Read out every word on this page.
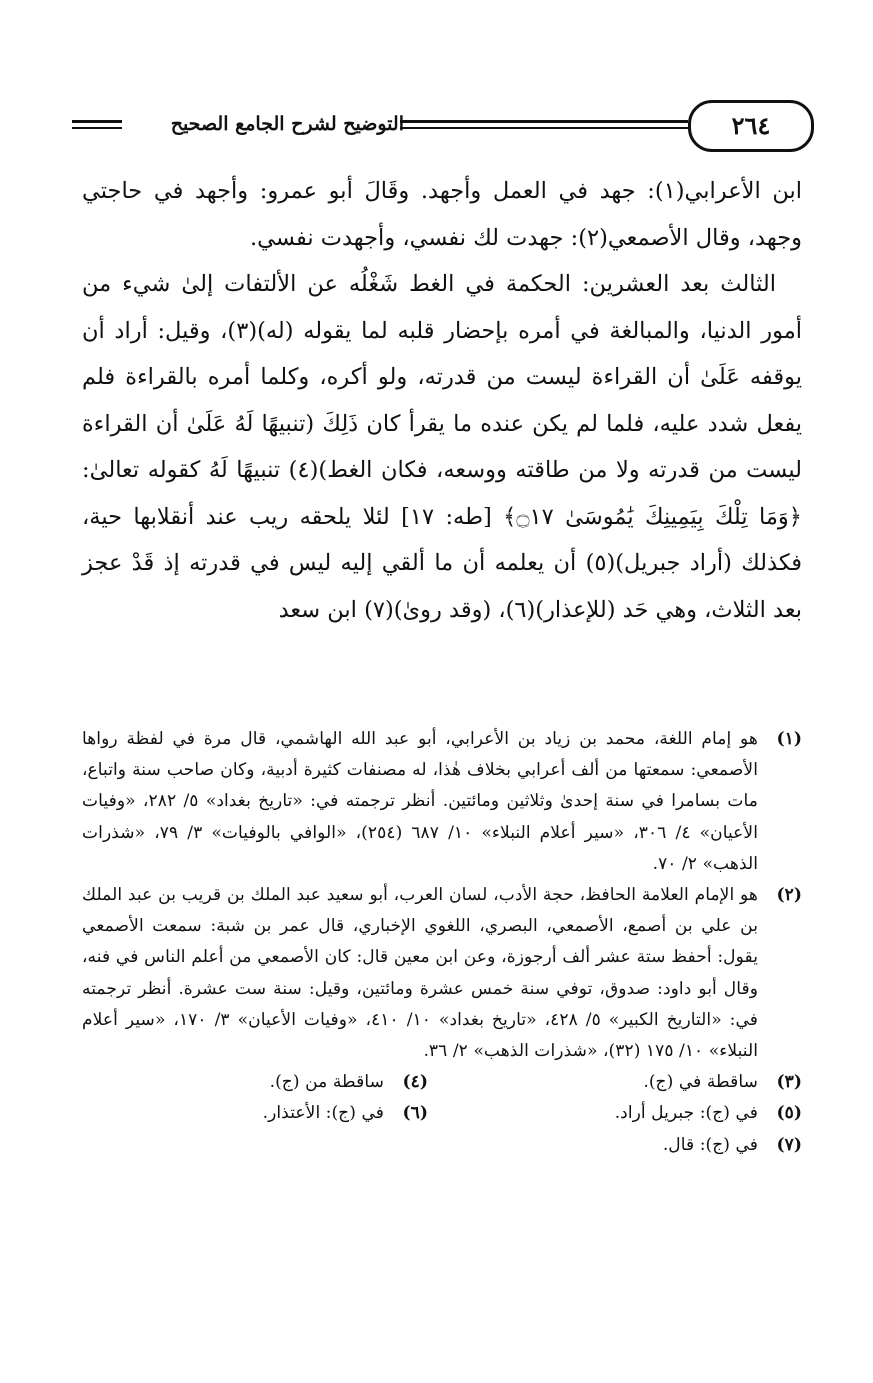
التوضيح لشرح الجامع الصحيح	٢٦٤

ابن الأعرابي(١): جهد في العمل وأجهد. وقَالَ أبو عمرو: وأجهد في حاجتي وجهد، وقال الأصمعي(٢): جهدت لك نفسي، وأجهدت نفسي.

الثالث بعد العشرين: الحكمة في الغط شَغْلُه عن الألتفات إلىٰ شيء من أمور الدنيا، والمبالغة في أمره بإحضار قلبه لما يقوله (له)(٣)، وقيل: أراد أن يوقفه عَلَىٰ أن القراءة ليست من قدرته، ولو أكره، وكلما أمره بالقراءة فلم يفعل شدد عليه، فلما لم يكن عنده ما يقرأ كان ذَلِكَ (تنبيهًا لَهُ عَلَىٰ أن القراءة ليست من قدرته ولا من طاقته ووسعه، فكان الغط)(٤) تنبيهًا لَهُ كقوله تعالىٰ: ﴿وَمَا تِلْكَ بِيَمِينِكَ يَٰمُوسَىٰ ۝١٧﴾ [طه: ١٧] لئلا يلحقه ريب عند أنقلابها حية، فكذلك (أراد جبريل)(٥) أن يعلمه أن ما ألقي إليه ليس في قدرته إذ قَدْ عجز بعد الثلاث، وهي حَد (للإعذار)(٦)، (وقد روىٰ)(٧) ابن سعد

(١)
هو إمام اللغة، محمد بن زياد بن الأعرابي، أبو عبد الله الهاشمي، قال مرة في لفظة رواها الأصمعي: سمعتها من ألف أعرابي بخلاف هٰذا، له مصنفات كثيرة أدبية، وكان صاحب سنة واتباع، مات بسامرا في سنة إحدىٰ وثلاثين ومائتين. أنظر ترجمته في: «تاريخ بغداد» ٥/ ٢٨٢، «وفيات الأعيان» ٤/ ٣٠٦، «سير أعلام النبلاء» ١٠/ ٦٨٧ (٢٥٤)، «الوافي بالوفيات» ٣/ ٧٩، «شذرات الذهب» ٢/ ٧٠.
(٢)
هو الإمام العلامة الحافظ، حجة الأدب، لسان العرب، أبو سعيد عبد الملك بن قريب بن عبد الملك بن علي بن أصمع، الأصمعي، البصري، اللغوي الإخباري، قال عمر بن شبة: سمعت الأصمعي يقول: أحفظ ستة عشر ألف أرجوزة، وعن ابن معين قال: كان الأصمعي من أعلم الناس في فنه، وقال أبو داود: صدوق، توفي سنة خمس عشرة ومائتين، وقيل: سنة ست عشرة. أنظر ترجمته في: «التاريخ الكبير» ٥/ ٤٢٨، «تاريخ بغداد» ١٠/ ٤١٠، «وفيات الأعيان» ٣/ ١٧٠، «سير أعلام النبلاء» ١٠/ ١٧٥ (٣٢)، «شذرات الذهب» ٢/ ٣٦.
(٣)
ساقطة في (ج).
(٤)
ساقطة من (ج).
(٥)
في (ج): جبريل أراد.
(٦)
في (ج): الأعتذار.
(٧)
في (ج): قال.
